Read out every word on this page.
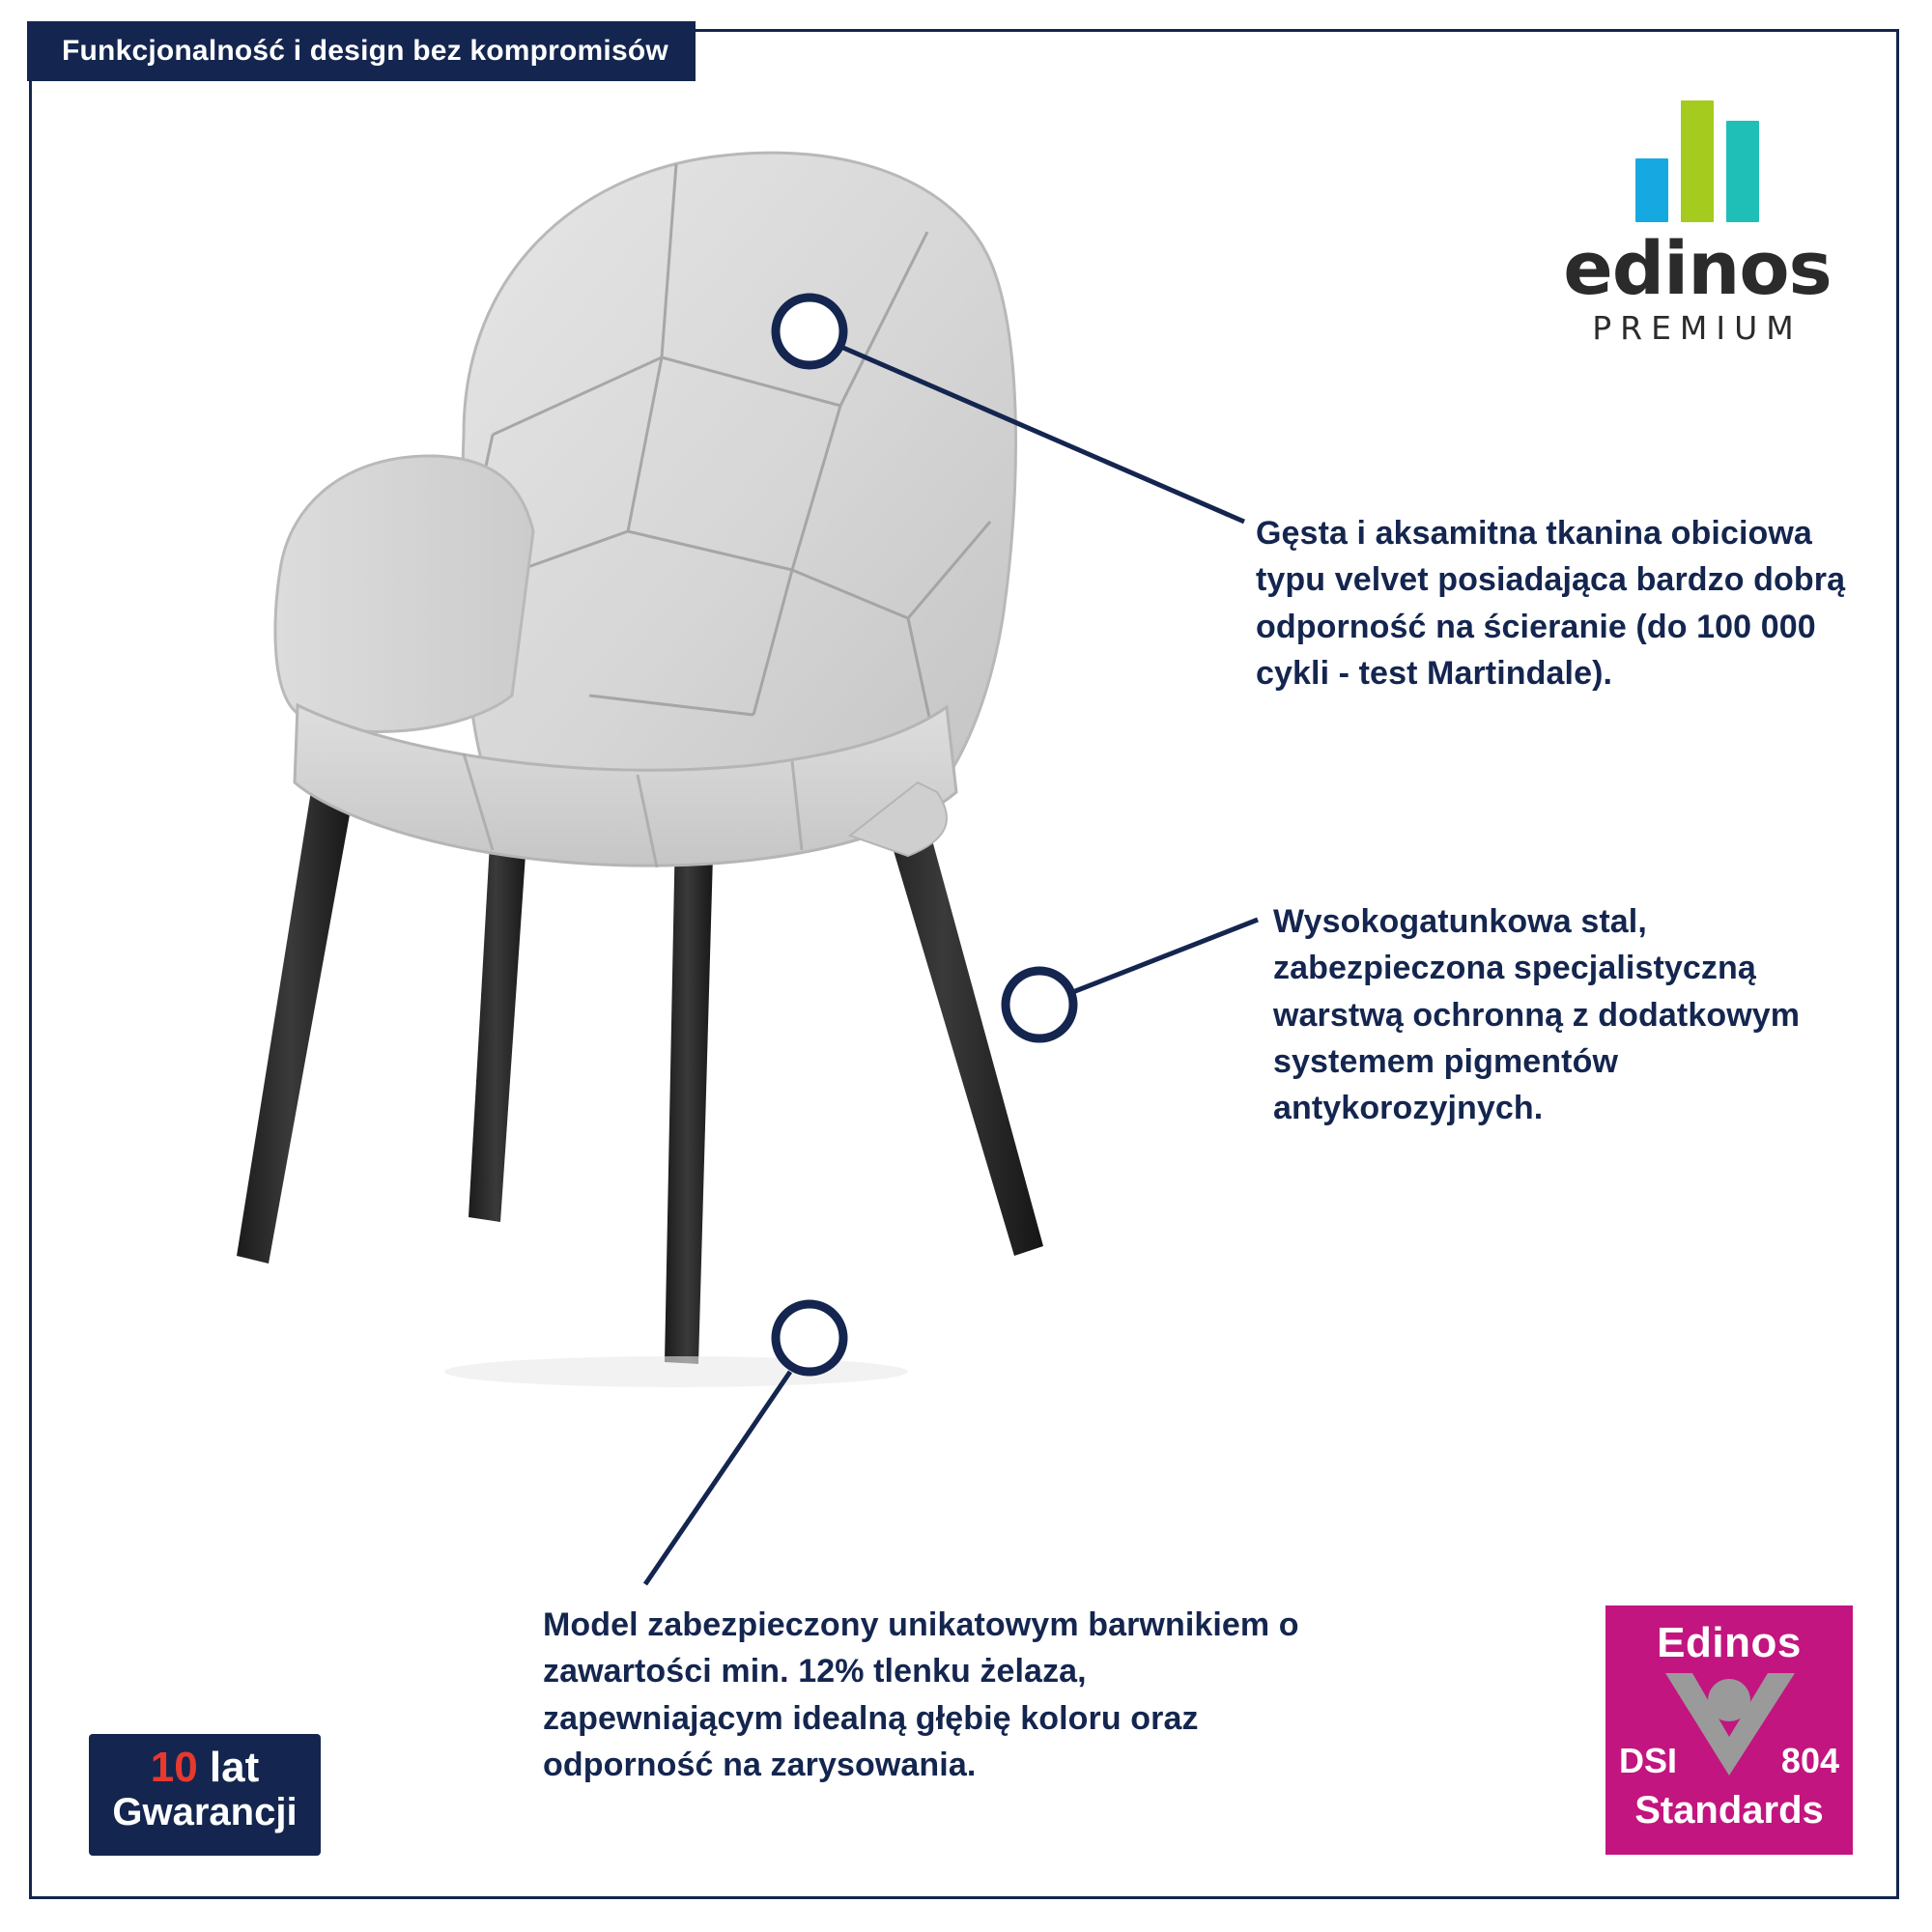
Funkcjonalność i design bez kompromisów
edinos
PREMIUM
Gęsta i aksamitna tkanina obiciowa typu velvet posiadająca bardzo dobrą odporność na ścieranie (do 100 000 cykli - test Martindale).
Wysokogatunkowa stal, zabezpieczona specjalistyczną warstwą ochronną z dodatkowym systemem pigmentów antykorozyjnych.
Model zabezpieczony unikatowym barwnikiem o zawartości min. 12% tlenku żelaza, zapewniającym idealną głębię koloru oraz odporność na zarysowania.
10 lat
Gwarancji
Edinos
DSI	804
Standards
